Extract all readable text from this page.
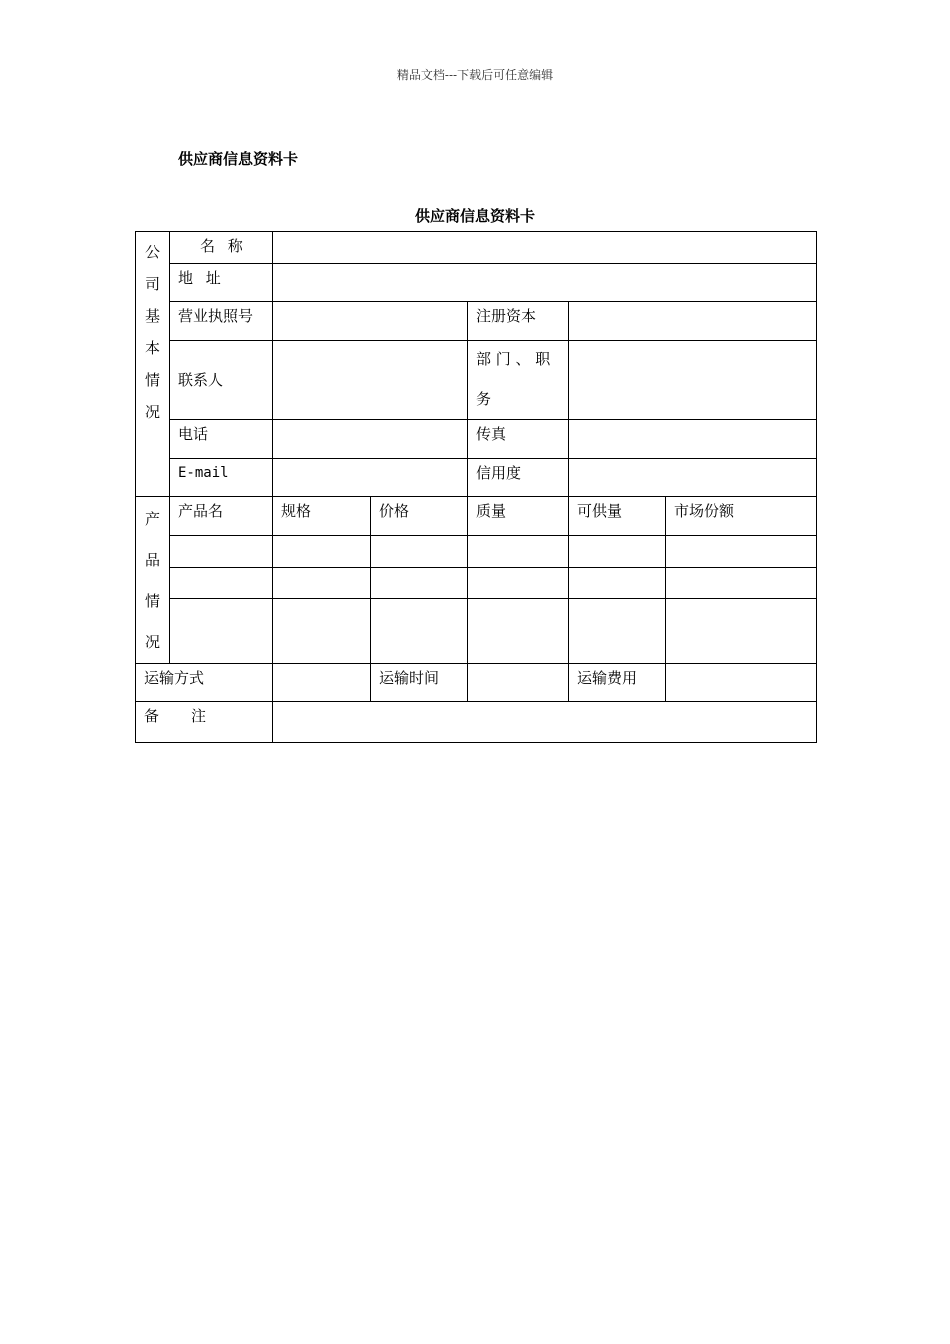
精品文档---下载后可任意编辑
供应商信息资料卡
供应商信息资料卡
公司基本情况	名 称					
	地 址					
	营业执照号			注册资本		
	联系人			部 门 、 职 务		

	电话			传真		
	E-mail			信用度		
产品情况	产品名	规格	价格	质量	可供量	市场份额

运输方式			运输时间		运输费用	
备 注						
